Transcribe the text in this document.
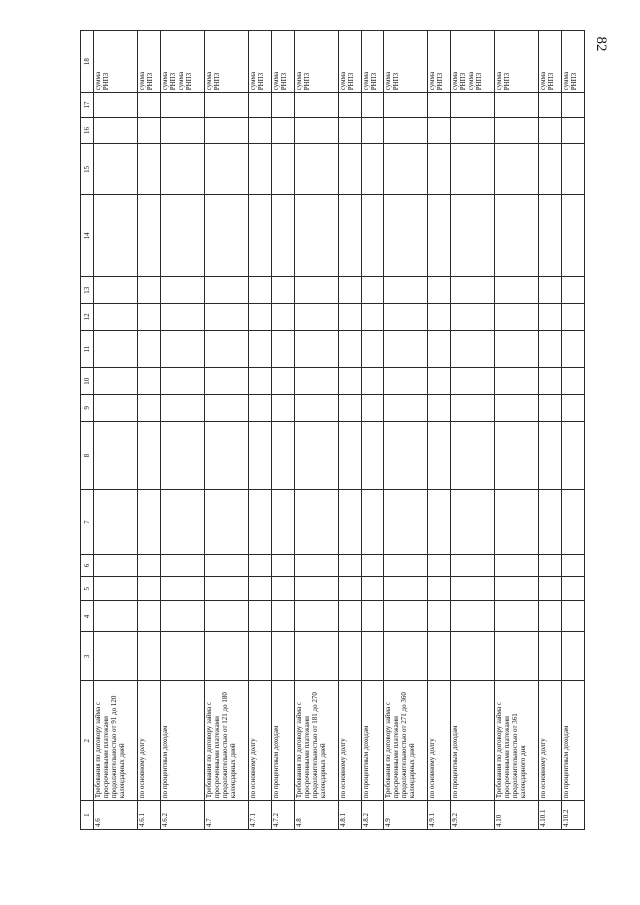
82
1	2	3	4	5	6	7	8	9	10	11	12	13	14	15	16	17	18
4.6	Требования по договору займа с просроченными платежами продолжительностью от 91 до 120 календарных дней																сумма РНПЗ

4.6.1	по основному долгу																сумма РНПЗ

4.6.2	по процентным доходам																сумма РНПЗ сумма РНПЗ

4.7	Требования по договору займа с просроченными платежами продолжительностью от 121 до 180 календарных дней																сумма РНПЗ

4.7.1	по основному долгу																сумма РНПЗ

4.7.2	по процентным доходам																сумма РНПЗ

4.8	Требования по договору займа с просроченными платежами продолжительностью от 181 до 270 календарных дней																сумма РНПЗ

4.8.1	по основному долгу																сумма РНПЗ

4.8.2	по процентным доходам																сумма РНПЗ

4.9	Требования по договору займа с просроченными платежами продолжительностью от 271 до 360 календарных дней																сумма РНПЗ

4.9.1	по основному долгу																сумма РНПЗ

4.9.2	по процентным доходам																сумма РНПЗ сумма РНПЗ

4.10	Требования по договору займа с просроченными платежами продолжительностью от 361 календарного дня																сумма РНПЗ

4.10.1	по основному долгу																сумма РНПЗ

4.10.2	по процентным доходам																сумма РНПЗ
